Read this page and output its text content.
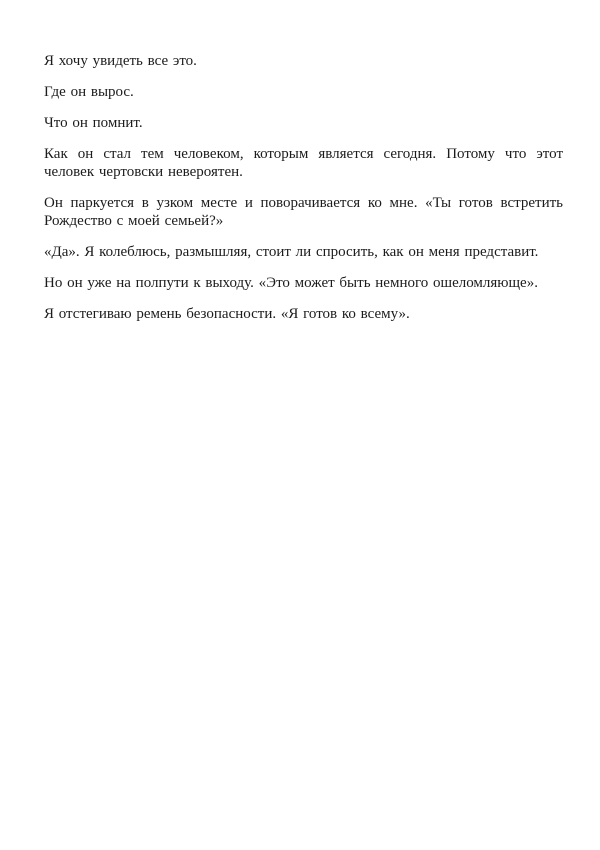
Я хочу увидеть все это.

Где он вырос.

Что он помнит.

Как он стал тем человеком, которым является сегодня. Потому что этот человек чертовски невероятен.

Он паркуется в узком месте и поворачивается ко мне. «Ты готов встретить Рождество с моей семьей?»

«Да». Я колеблюсь, размышляя, стоит ли спросить, как он меня представит.

Но он уже на полпути к выходу. «Это может быть немного ошеломляюще».

Я отстегиваю ремень безопасности. «Я готов ко всему».
